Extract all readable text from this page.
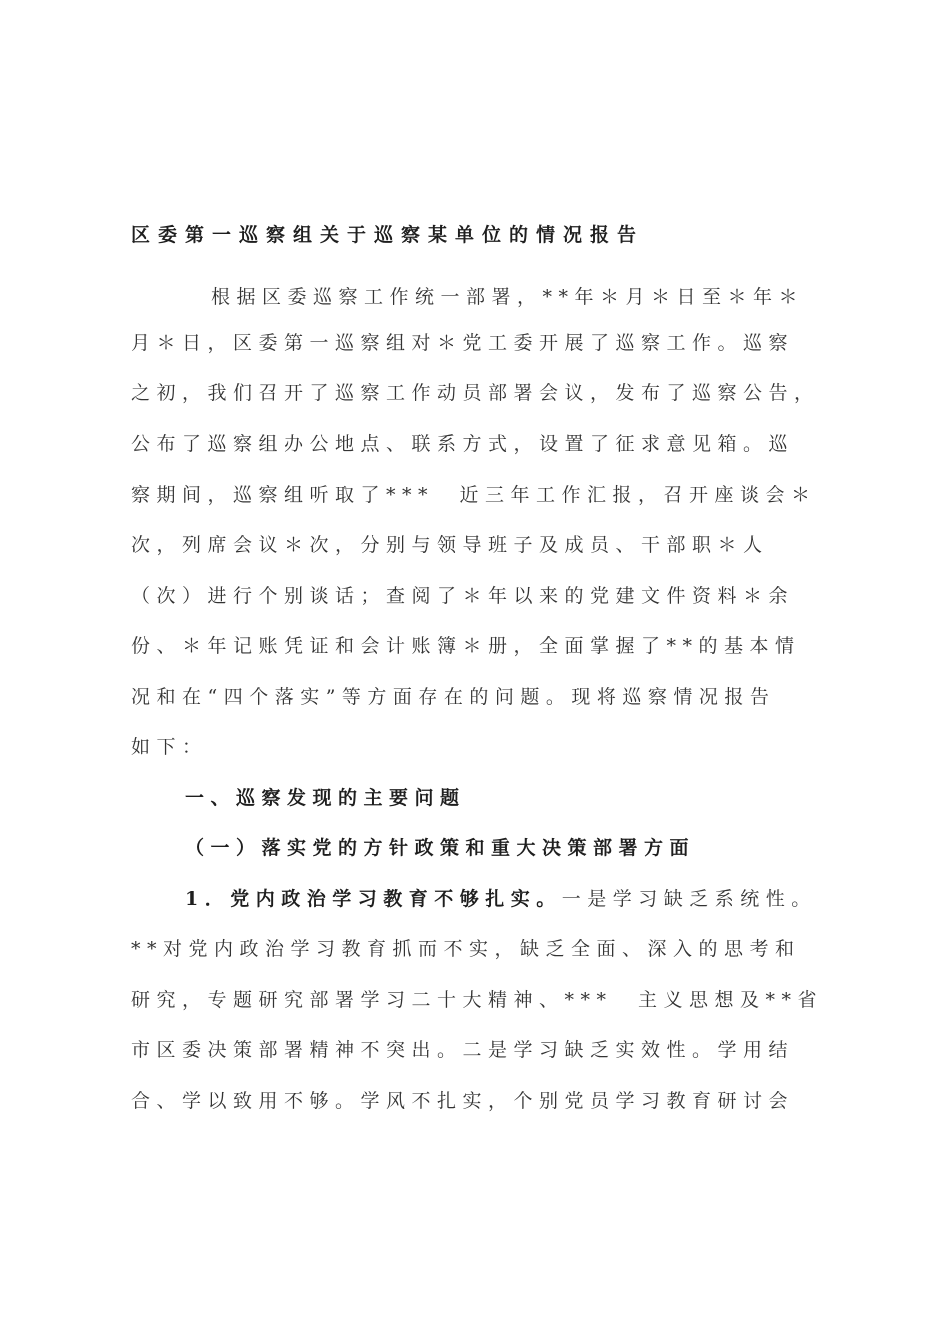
区委第一巡察组关于巡察某单位的情况报告
根据区委巡察工作统一部署，**年＊月＊日至＊年＊
月＊日，区委第一巡察组对＊党工委开展了巡察工作。巡察
之初，我们召开了巡察工作动员部署会议，发布了巡察公告，
公布了巡察组办公地点、联系方式，设置了征求意见箱。巡
察期间，巡察组听取了***　近三年工作汇报，召开座谈会＊
次，列席会议＊次，分别与领导班子及成员、干部职＊人
（次）进行个别谈话；查阅了＊年以来的党建文件资料＊余
份、＊年记账凭证和会计账簿＊册，全面掌握了**的基本情
况和在“四个落实”等方面存在的问题。现将巡察情况报告
如下：
一、巡察发现的主要问题
（一）落实党的方针政策和重大决策部署方面
1．党内政治学习教育不够扎实。一是学习缺乏系统性。
**对党内政治学习教育抓而不实，缺乏全面、深入的思考和
研究，专题研究部署学习二十大精神、***　主义思想及**省
市区委决策部署精神不突出。二是学习缺乏实效性。学用结
合、学以致用不够。学风不扎实，个别党员学习教育研讨会
